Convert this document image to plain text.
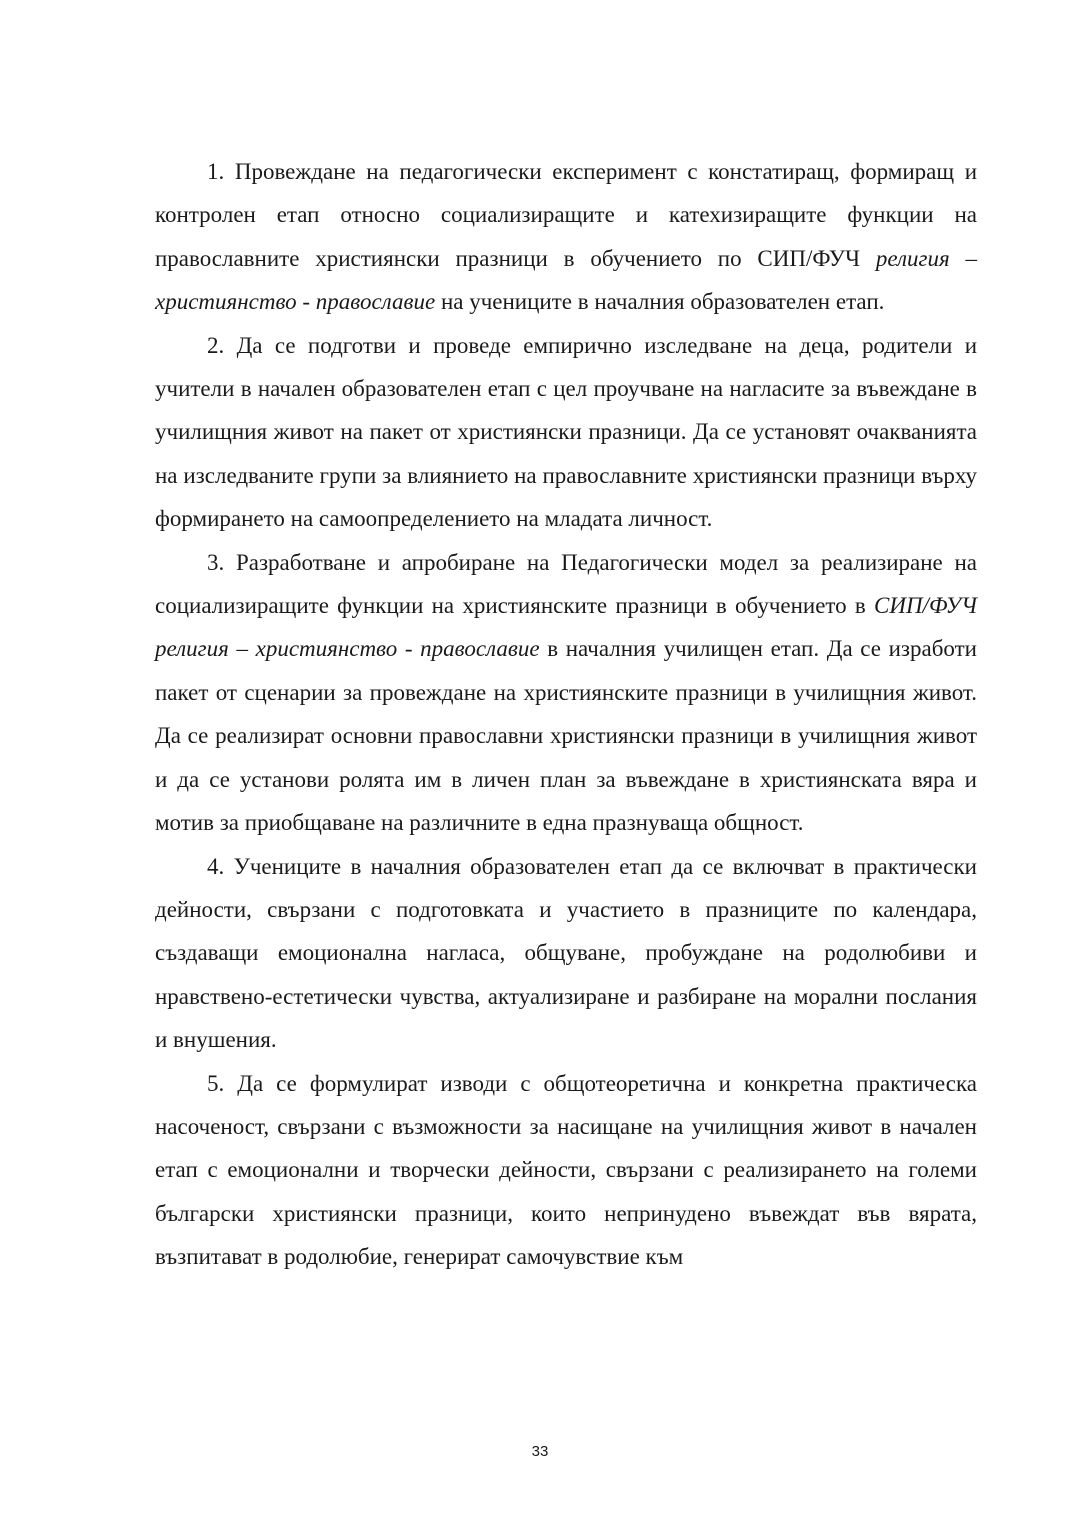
1. Провеждане на педагогически експеримент с констатиращ, формиращ и контролен етап относно социализиращите и катехизиращите функции на православните християнски празници в обучението по СИП/ФУЧ религия – християнство - православие на учениците в началния образователен етап.

2. Да се подготви и проведе емпирично изследване на деца, родители и учители в начален образователен етап с цел проучване на нагласите за въвеждане в училищния живот на пакет от християнски празници. Да се установят очакванията на изследваните групи за влиянието на православните християнски празници върху формирането на самоопределението на младата личност.

3. Разработване и апробиране на Педагогически модел за реализиране на социализиращите функции на християнските празници в обучението в СИП/ФУЧ религия – християнство - православие в началния училищен етап. Да се изработи пакет от сценарии за провеждане на християнските празници в училищния живот. Да се реализират основни православни християнски празници в училищния живот и да се установи ролята им в личен план за въвеждане в християнската вяра и мотив за приобщаване на различните в една празнуваща общност.

4. Учениците в началния образователен етап да се включват в практически дейности, свързани с подготовката и участието в празниците по календара, създаващи емоционална нагласа, общуване, пробуждане на родолюбиви и нравствено-естетически чувства, актуализиране и разбиране на морални послания и внушения.

5. Да се формулират изводи с общотеоретична и конкретна практическа насоченост, свързани с възможности за насищане на училищния живот в начален етап с емоционални и творчески дейности, свързани с реализирането на големи български християнски празници, които непринудено въвеждат във вярата, възпитават в родолюбие, генерират самочувствие към

33
